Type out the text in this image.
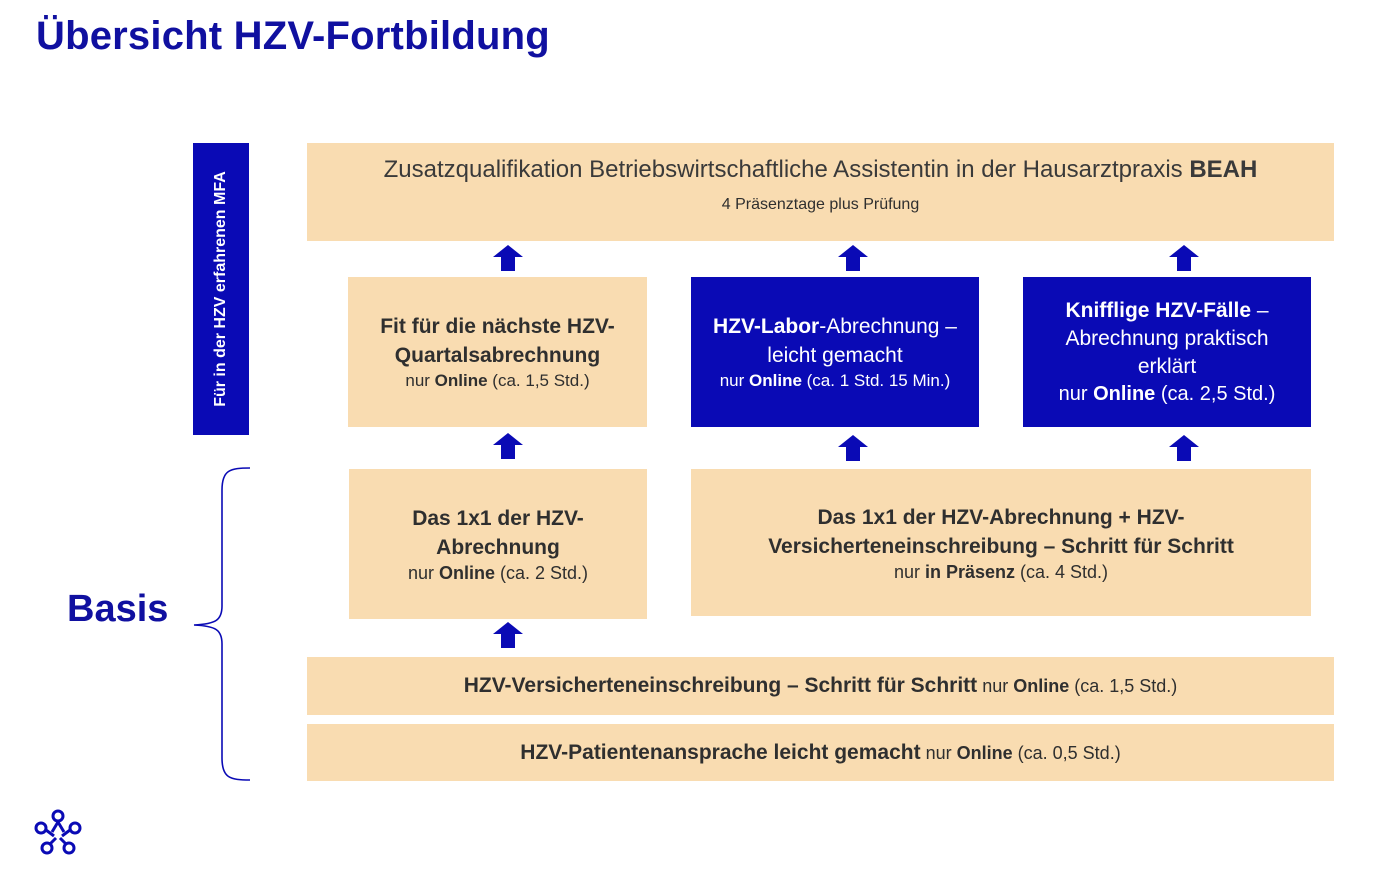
Übersicht HZV-Fortbildung
Für in der HZV erfahrenen MFA
Zusatzqualifikation Betriebswirtschaftliche Assistentin in der Hausarztpraxis BEAH
4 Präsenztage plus Prüfung
Fit für die nächste HZV-Quartalsabrechnung
nur Online (ca. 1,5 Std.)
HZV-Labor-Abrechnung – leicht gemacht
nur Online (ca. 1 Std. 15 Min.)
Knifflige HZV-Fälle – Abrechnung praktisch erklärt
nur Online (ca. 2,5 Std.)
Das 1x1 der HZV-Abrechnung
nur Online (ca. 2 Std.)
Das 1x1 der HZV-Abrechnung + HZV-Versicherteneinschreibung – Schritt für Schritt
nur in Präsenz (ca. 4 Std.)
HZV-Versicherteneinschreibung – Schritt für Schritt nur Online (ca. 1,5 Std.)
HZV-Patientenansprache leicht gemacht nur Online (ca. 0,5 Std.)
Basis
